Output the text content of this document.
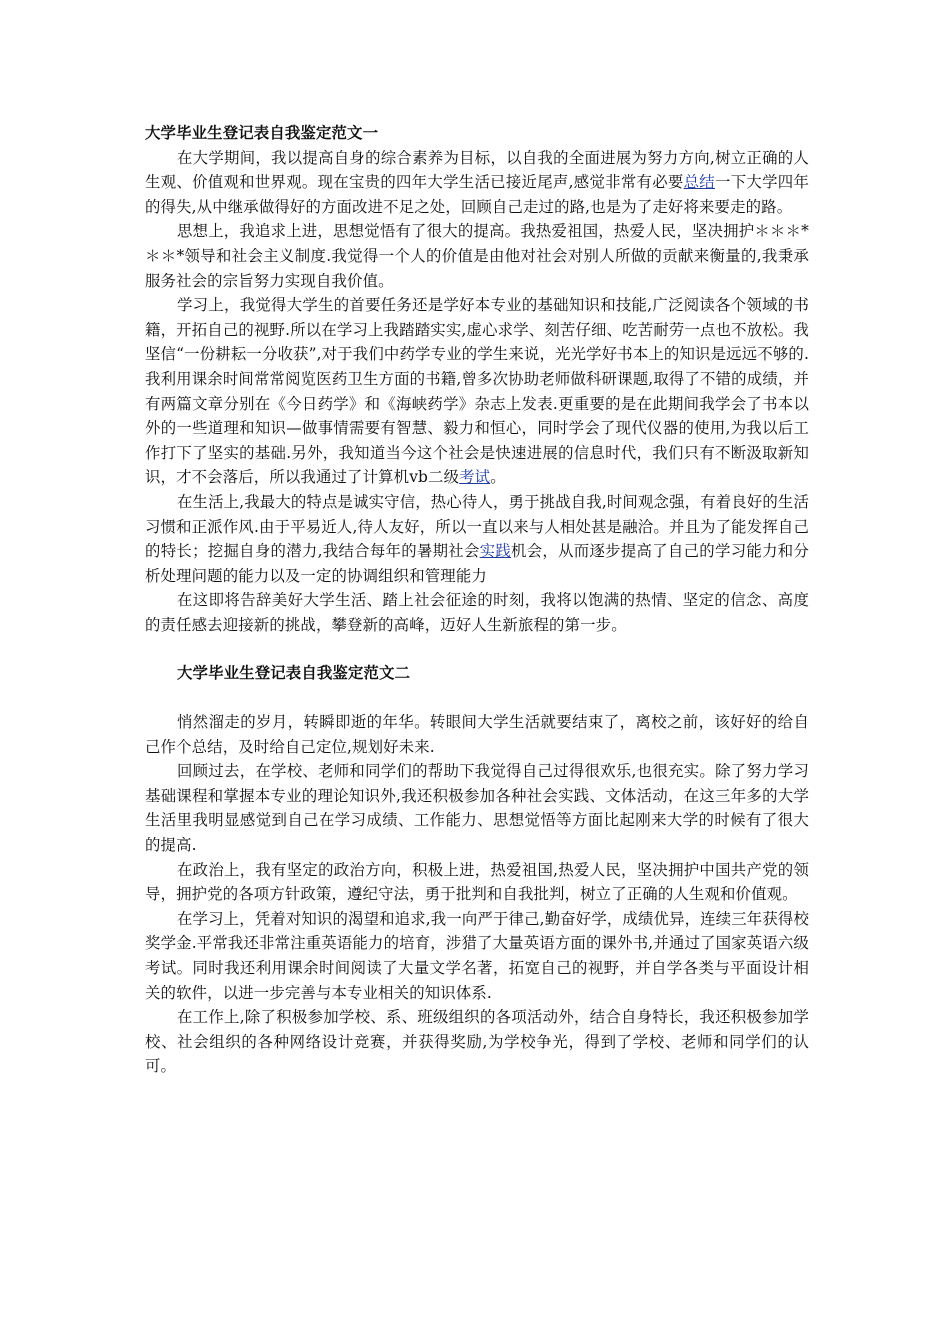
大学毕业生登记表自我鉴定范文一

在大学期间，我以提高自身的综合素养为目标，以自我的全面进展为努力方向,树立正确的人生观、价值观和世界观。现在宝贵的四年大学生活已接近尾声,感觉非常有必要总结一下大学四年的得失,从中继承做得好的方面改进不足之处，回顾自己走过的路,也是为了走好将来要走的路。

思想上，我追求上进，思想觉悟有了很大的提高。我热爱祖国，热爱人民，坚决拥护＊＊＊*＊＊*领导和社会主义制度.我觉得一个人的价值是由他对社会对别人所做的贡献来衡量的,我秉承服务社会的宗旨努力实现自我价值。

学习上，我觉得大学生的首要任务还是学好本专业的基础知识和技能,广泛阅读各个领域的书籍，开拓自己的视野.所以在学习上我踏踏实实,虚心求学、刻苦仔细、吃苦耐劳一点也不放松。我坚信“一份耕耘一分收获”,对于我们中药学专业的学生来说，光光学好书本上的知识是远远不够的.我利用课余时间常常阅览医药卫生方面的书籍,曾多次协助老师做科研课题,取得了不错的成绩，并有两篇文章分别在《今日药学》和《海峡药学》杂志上发表.更重要的是在此期间我学会了书本以外的一些道理和知识—做事情需要有智慧、毅力和恒心，同时学会了现代仪器的使用,为我以后工作打下了坚实的基础.另外，我知道当今这个社会是快速进展的信息时代，我们只有不断汲取新知识，才不会落后，所以我通过了计算机vb二级考试。

在生活上,我最大的特点是诚实守信，热心待人，勇于挑战自我,时间观念强，有着良好的生活习惯和正派作风.由于平易近人,待人友好，所以一直以来与人相处甚是融洽。并且为了能发挥自己的特长；挖掘自身的潜力,我结合每年的暑期社会实践机会，从而逐步提高了自己的学习能力和分析处理问题的能力以及一定的协调组织和管理能力

在这即将告辞美好大学生活、踏上社会征途的时刻，我将以饱满的热情、坚定的信念、高度的责任感去迎接新的挑战，攀登新的高峰，迈好人生新旅程的第一步。

大学毕业生登记表自我鉴定范文二

悄然溜走的岁月，转瞬即逝的年华。转眼间大学生活就要结束了，离校之前，该好好的给自己作个总结，及时给自己定位,规划好未来.

回顾过去，在学校、老师和同学们的帮助下我觉得自己过得很欢乐,也很充实。除了努力学习基础课程和掌握本专业的理论知识外,我还积极参加各种社会实践、文体活动，在这三年多的大学生活里我明显感觉到自己在学习成绩、工作能力、思想觉悟等方面比起刚来大学的时候有了很大的提高.

在政治上，我有坚定的政治方向，积极上进，热爱祖国,热爱人民，坚决拥护中国共产党的领导，拥护党的各项方针政策，遵纪守法，勇于批判和自我批判，树立了正确的人生观和价值观。

在学习上，凭着对知识的渴望和追求,我一向严于律己,勤奋好学，成绩优异，连续三年获得校奖学金.平常我还非常注重英语能力的培育，涉猎了大量英语方面的课外书,并通过了国家英语六级考试。同时我还利用课余时间阅读了大量文学名著，拓宽自己的视野，并自学各类与平面设计相关的软件，以进一步完善与本专业相关的知识体系.

在工作上,除了积极参加学校、系、班级组织的各项活动外，结合自身特长，我还积极参加学校、社会组织的各种网络设计竞赛，并获得奖励,为学校争光，得到了学校、老师和同学们的认可。
